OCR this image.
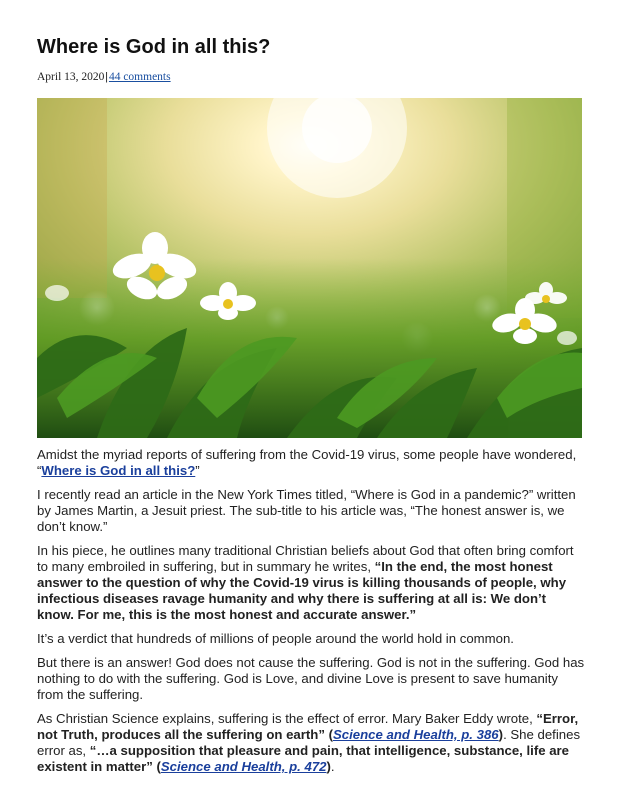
Where is God in all this?
April 13, 2020|44 comments

Amidst the myriad reports of suffering from the Covid-19 virus, some people have wondered, “Where is God in all this?”

I recently read an article in the New York Times titled, “Where is God in a pandemic?” written by James Martin, a Jesuit priest. The sub-title to his article was, “The honest answer is, we don’t know.”

In his piece, he outlines many traditional Christian beliefs about God that often bring comfort to many embroiled in suffering, but in summary he writes, “In the end, the most honest answer to the question of why the Covid-19 virus is killing thousands of people, why infectious diseases ravage humanity and why there is suffering at all is: We don’t know. For me, this is the most honest and accurate answer.”

It’s a verdict that hundreds of millions of people around the world hold in common.

But there is an answer! God does not cause the suffering. God is not in the suffering. God has nothing to do with the suffering. God is Love, and divine Love is present to save humanity from the suffering.

As Christian Science explains, suffering is the effect of error. Mary Baker Eddy wrote, “Error, not Truth, produces all the suffering on earth” (Science and Health, p. 386). She defines error as, “…a supposition that pleasure and pain, that intelligence, substance, life are existent in matter” (Science and Health, p. 472).
